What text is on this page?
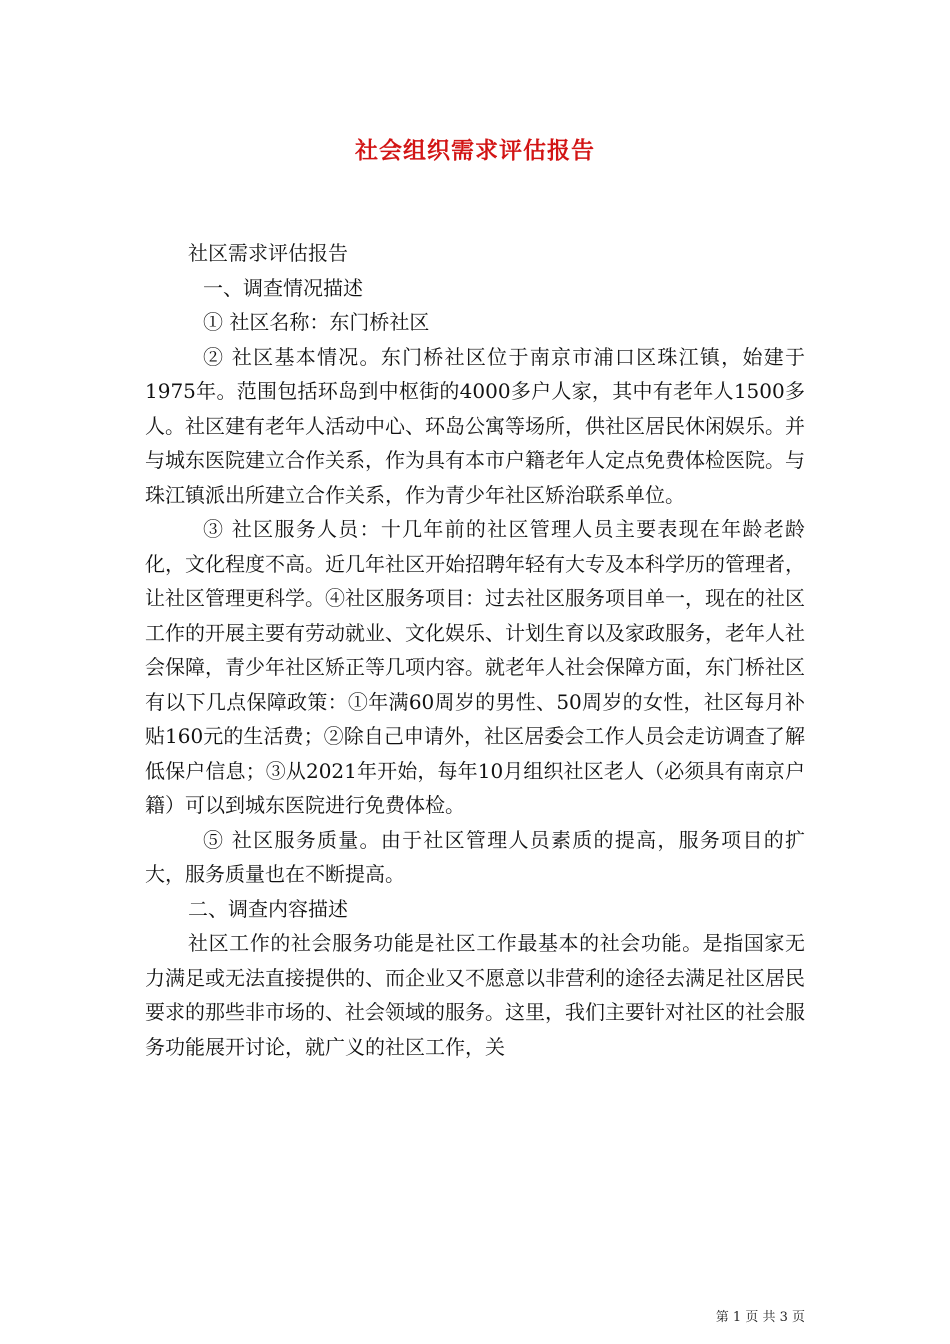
社会组织需求评估报告

社区需求评估报告

一、调查情况描述

① 社区名称：东门桥社区

② 社区基本情况。东门桥社区位于南京市浦口区珠江镇，始建于1975年。范围包括环岛到中枢街的4000多户人家，其中有老年人1500多人。社区建有老年人活动中心、环岛公寓等场所，供社区居民休闲娱乐。并与城东医院建立合作关系，作为具有本市户籍老年人定点免费体检医院。与珠江镇派出所建立合作关系，作为青少年社区矫治联系单位。

③ 社区服务人员：十几年前的社区管理人员主要表现在年龄老龄化，文化程度不高。近几年社区开始招聘年轻有大专及本科学历的管理者，让社区管理更科学。④社区服务项目：过去社区服务项目单一，现在的社区工作的开展主要有劳动就业、文化娱乐、计划生育以及家政服务，老年人社会保障，青少年社区矫正等几项内容。就老年人社会保障方面，东门桥社区有以下几点保障政策：①年满60周岁的男性、50周岁的女性，社区每月补贴160元的生活费；②除自己申请外，社区居委会工作人员会走访调查了解低保户信息；③从2021年开始，每年10月组织社区老人（必须具有南京户籍）可以到城东医院进行免费体检。

⑤ 社区服务质量。由于社区管理人员素质的提高，服务项目的扩大，服务质量也在不断提高。

二、调查内容描述

社区工作的社会服务功能是社区工作最基本的社会功能。是指国家无力满足或无法直接提供的、而企业又不愿意以非营利的途径去满足社区居民要求的那些非市场的、社会领域的服务。这里，我们主要针对社区的社会服务功能展开讨论，就广义的社区工作，关

第 1 页 共 3 页
